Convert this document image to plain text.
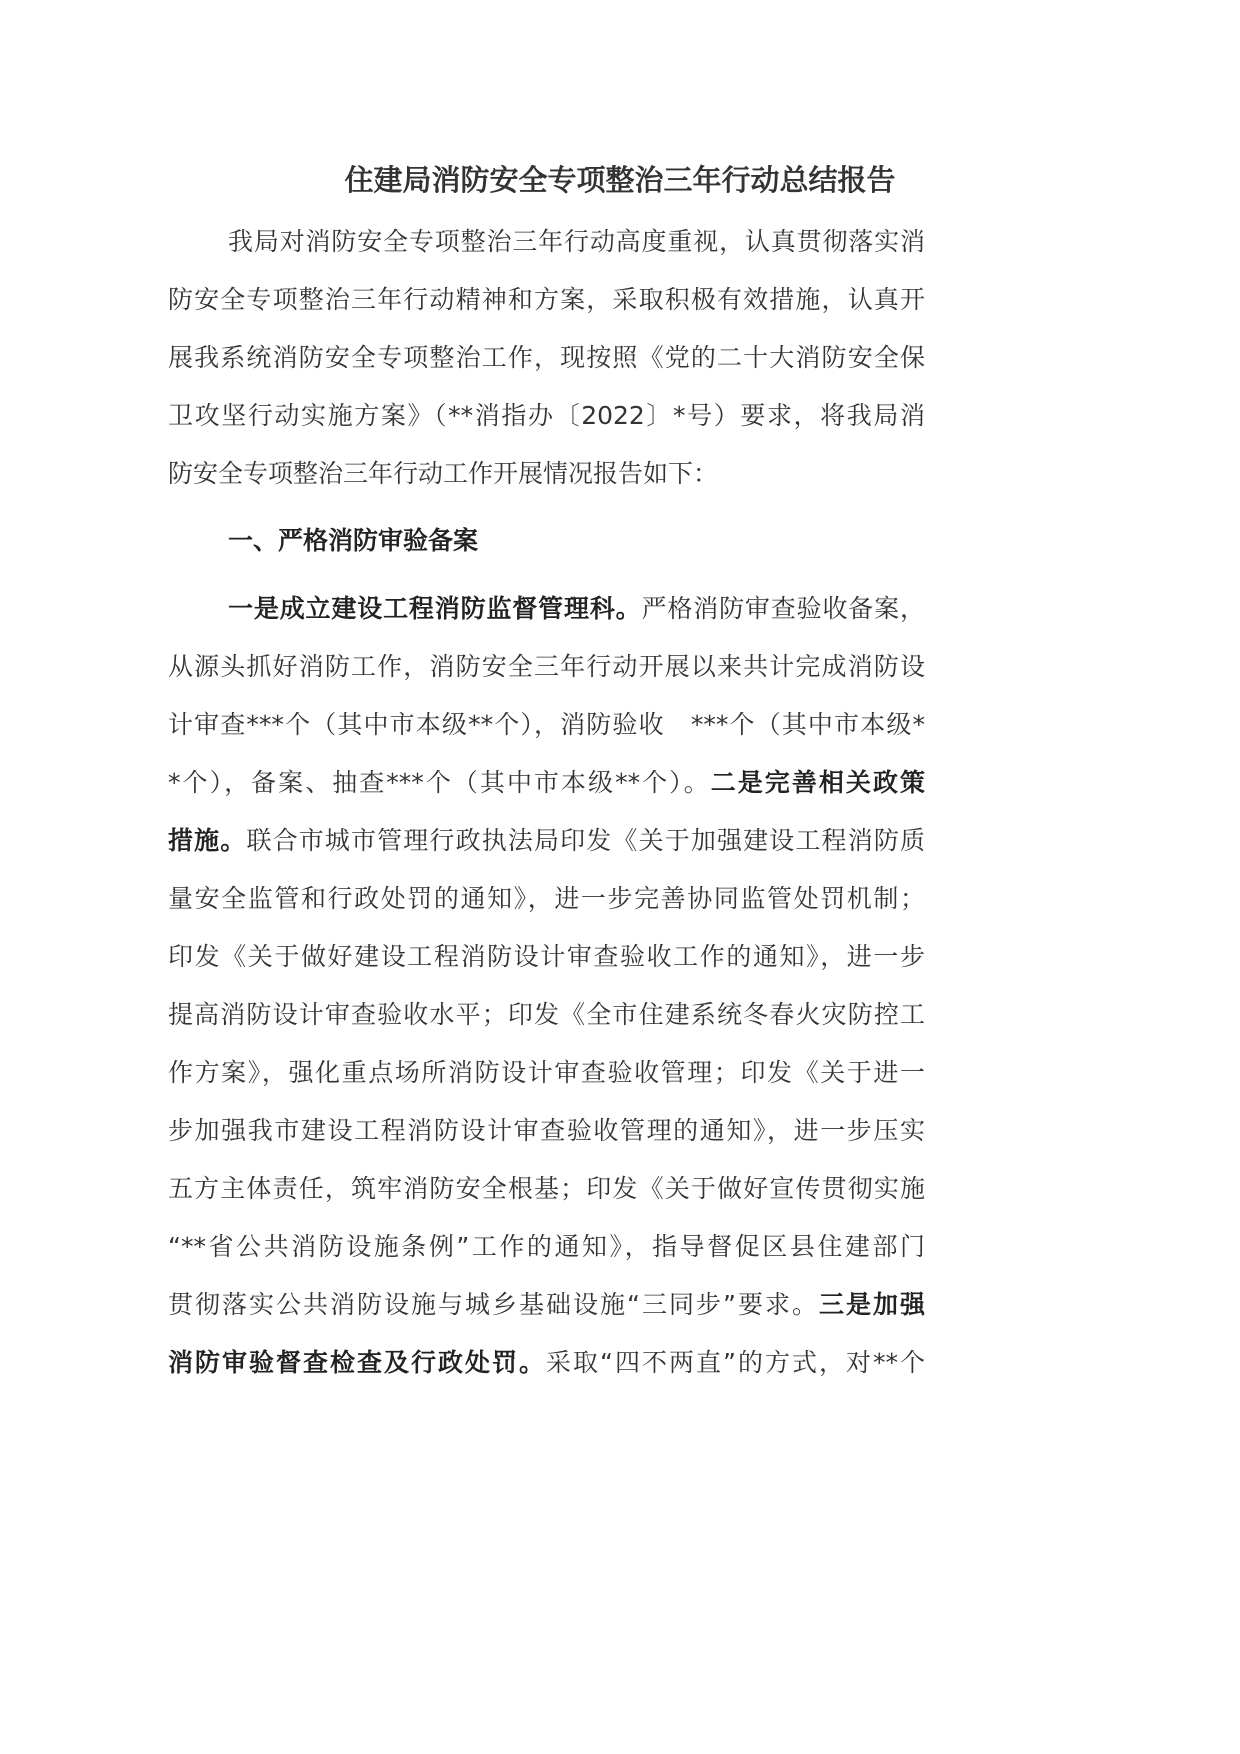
住建局消防安全专项整治三年行动总结报告
我局对消防安全专项整治三年行动高度重视，认真贯彻落实消
防安全专项整治三年行动精神和方案，采取积极有效措施，认真开
展我系统消防安全专项整治工作，现按照《党的二十大消防安全保
卫攻坚行动实施方案》（**消指办〔2022〕*号）要求，将我局消
防安全专项整治三年行动工作开展情况报告如下：
一、严格消防审验备案
一是成立建设工程消防监督管理科。严格消防审查验收备案，
从源头抓好消防工作，消防安全三年行动开展以来共计完成消防设
计审查***个（其中市本级**个），消防验收　***个（其中市本级*
*个），备案、抽查***个（其中市本级**个）。二是完善相关政策
措施。联合市城市管理行政执法局印发《关于加强建设工程消防质
量安全监管和行政处罚的通知》，进一步完善协同监管处罚机制；
印发《关于做好建设工程消防设计审查验收工作的通知》，进一步
提高消防设计审查验收水平；印发《全市住建系统冬春火灾防控工
作方案》，强化重点场所消防设计审查验收管理；印发《关于进一
步加强我市建设工程消防设计审查验收管理的通知》，进一步压实
五方主体责任，筑牢消防安全根基；印发《关于做好宣传贯彻实施
“**省公共消防设施条例”工作的通知》，指导督促区县住建部门
贯彻落实公共消防设施与城乡基础设施“三同步”要求。三是加强
消防审验督查检查及行政处罚。采取“四不两直”的方式，对**个
